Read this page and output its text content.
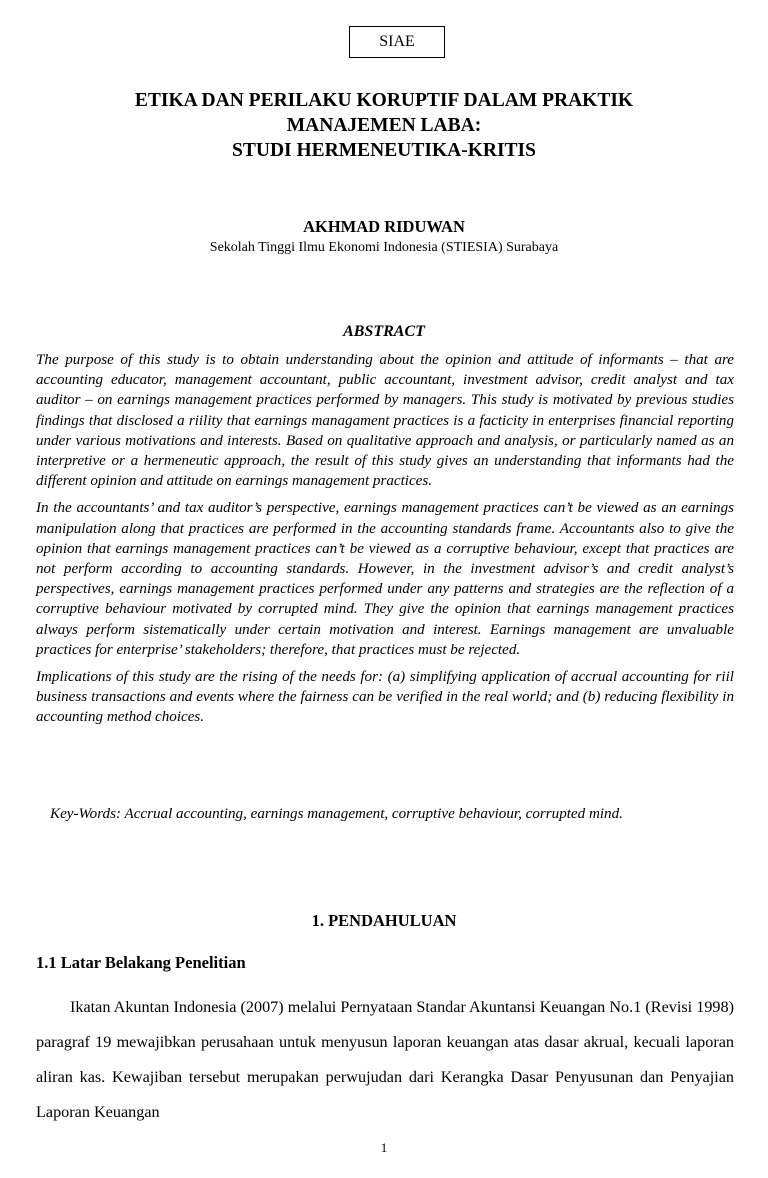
SIAE
ETIKA DAN PERILAKU KORUPTIF DALAM PRAKTIK
MANAJEMEN LABA:
STUDI HERMENEUTIKA-KRITIS
AKHMAD RIDUWAN
Sekolah Tinggi Ilmu Ekonomi Indonesia (STIESIA) Surabaya
ABSTRACT

The purpose of this study is to obtain understanding about the opinion and attitude of informants – that are accounting educator, management accountant, public accountant, investment advisor, credit analyst and tax auditor – on earnings management practices performed by managers. This study is motivated by previous studies findings that disclosed a riility that earnings managament practices is a facticity in enterprises financial reporting under various motivations and interests. Based on qualitative approach and analysis, or particularly named as an interpretive or a hermeneutic approach, the result of this study gives an understanding that informants had the different opinion and attitude on earnings management practices.

In the accountants’ and tax auditor’s perspective, earnings management practices can’t be viewed as an earnings manipulation along that practices are performed in the accounting standards frame. Accountants also to give the opinion that earnings management practices can’t be viewed as a corruptive behaviour, except that practices are not perform according to accounting standards. However, in the investment advisor’s and credit analyst’s perspectives, earnings management practices performed under any patterns and strategies are the reflection of a corruptive behaviour motivated by corrupted mind. They give the opinion that earnings management practices always perform sistematically under certain motivation and interest. Earnings management are unvaluable practices for enterprise’ stakeholders; therefore, that practices must be rejected.

Implications of this study are the rising of the needs for: (a) simplifying application of accrual accounting for riil business transactions and events where the fairness can be verified in the real world; and (b) reducing flexibility in accounting method choices.

Key-Words: Accrual accounting, earnings management, corruptive behaviour, corrupted mind.
1. PENDAHULUAN
1.1 Latar Belakang Penelitian

Ikatan Akuntan Indonesia (2007) melalui Pernyataan Standar Akuntansi Keuangan No.1 (Revisi 1998) paragraf 19 mewajibkan perusahaan untuk menyusun laporan keuangan atas dasar akrual, kecuali laporan aliran kas. Kewajiban tersebut merupakan perwujudan dari Kerangka Dasar Penyusunan dan Penyajian Laporan Keuangan

1
